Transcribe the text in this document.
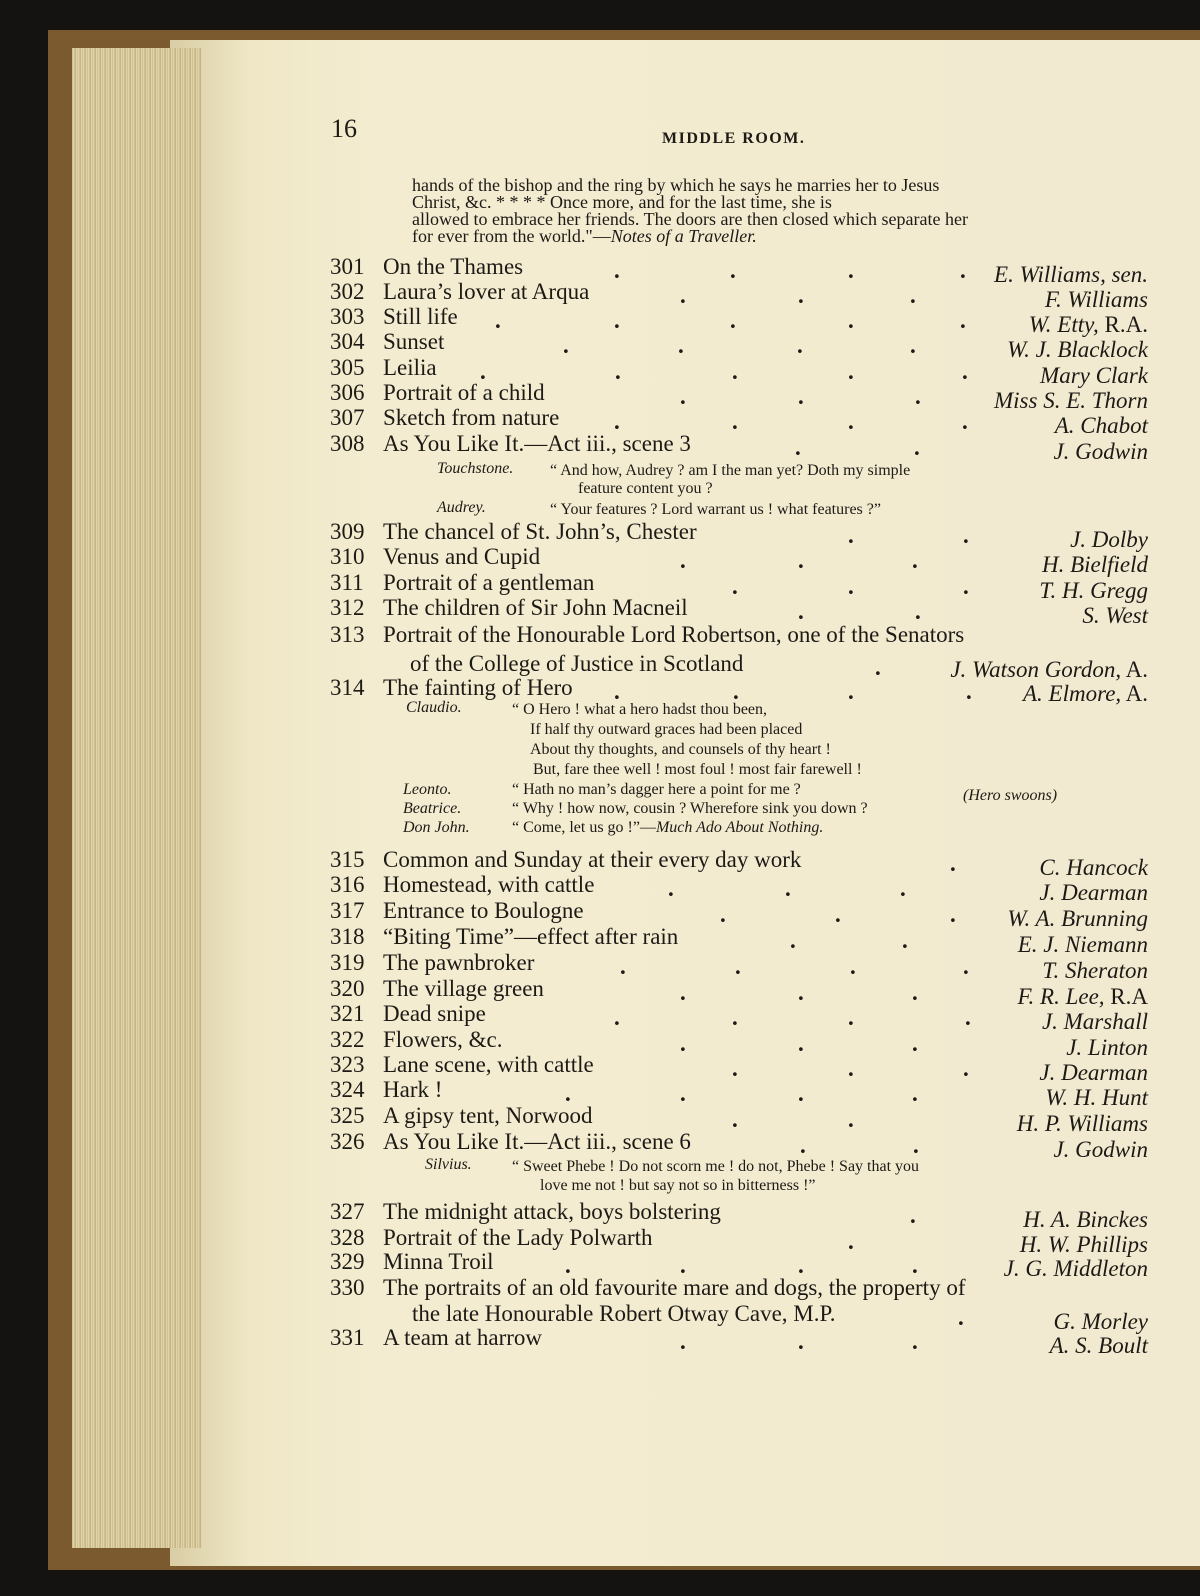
16	MIDDLE ROOM.
hands of the bishop and the ring by which he says he marries her to Jesus
Christ, &c. * * * * Once more, and for the last time, she is
allowed to embrace her friends. The doors are then closed which separate her
for ever from the world."—Notes of a Traveller.
301 On the Thames	.	.	.	.	E. Williams, sen.
302 Laura’s lover at Arqua	.	.	.	F. Williams
303 Still life .	.	.	.	.	W. Etty, R.A.
304 Sunset	.	.	.	.	W. J. Blacklock
305 Leilia .	.	.	.	.	Mary Clark
306 Portrait of a child	.	.	.	Miss S. E. Thorn
307 Sketch from nature .	.	.	.	A. Chabot
308 As You Like It.—Act iii., scene 3	.	.	J. Godwin
309 The chancel of St. John’s, Chester	.	.	J. Dolby
310 Venus and Cupid	.	.	.	H. Bielfield
311 Portrait of a gentleman	.	.	.	T. H. Gregg
312 The children of Sir John Macneil	.	.	S. West
313 Portrait of the Honourable Lord Robertson, one of the Senators
of the College of Justice in Scotland	.	J. Watson Gordon, A.
314 The fainting of Hero .	.	.	.	A. Elmore, A.
315 Common and Sunday at their every day work	.	C. Hancock
316 Homestead, with cattle	.	.	.	J. Dearman
317 Entrance to Boulogne	.	.	.	W. A. Brunning
318 “Biting Time”—effect after rain	.	.	E. J. Niemann
319 The pawnbroker	.	.	.	.	T. Sheraton
320 The village green	.	.	.	F. R. Lee, R.A
321 Dead snipe	.	.	.	.	J. Marshall
322 Flowers, &c.	.	.	.	J. Linton
323 Lane scene, with cattle	.	.	.	J. Dearman
324 Hark !	.	.	.	.	W. H. Hunt
325 A gipsy tent, Norwood	.	.	H. P. Williams
326 As You Like It.—Act iii., scene 6	.	.	J. Godwin
327 The midnight attack, boys bolstering	.	H. A. Binckes
328 Portrait of the Lady Polwarth	.	H. W. Phillips
329 Minna Troil	.	.	.	.	J. G. Middleton
330 The portraits of an old favourite mare and dogs, the property of
the late Honourable Robert Otway Cave, M.P.	.	G. Morley
331 A team at harrow	.	.	.	A. S. Boult
Touchstone. “ And how, Audrey ? am I the man yet? Doth my simple
feature content you ?
Audrey.	“ Your features ? Lord warrant us ! what features ?”
Claudio.	“ O Hero ! what a hero hadst thou been,
If half thy outward graces had been placed
About thy thoughts, and counsels of thy heart !
But, fare thee well ! most foul ! most fair farewell !
Leonto.	“ Hath no man’s dagger here a point for me ?	(Hero swoons)
Beatrice.	“ Why ! how now, cousin ? Wherefore sink you down ?
Don John.	“ Come, let us go !”—Much Ado About Nothing.
Silvius.	“ Sweet Phebe ! Do not scorn me ! do not, Phebe ! Say that you
love me not ! but say not so in bitterness !”
